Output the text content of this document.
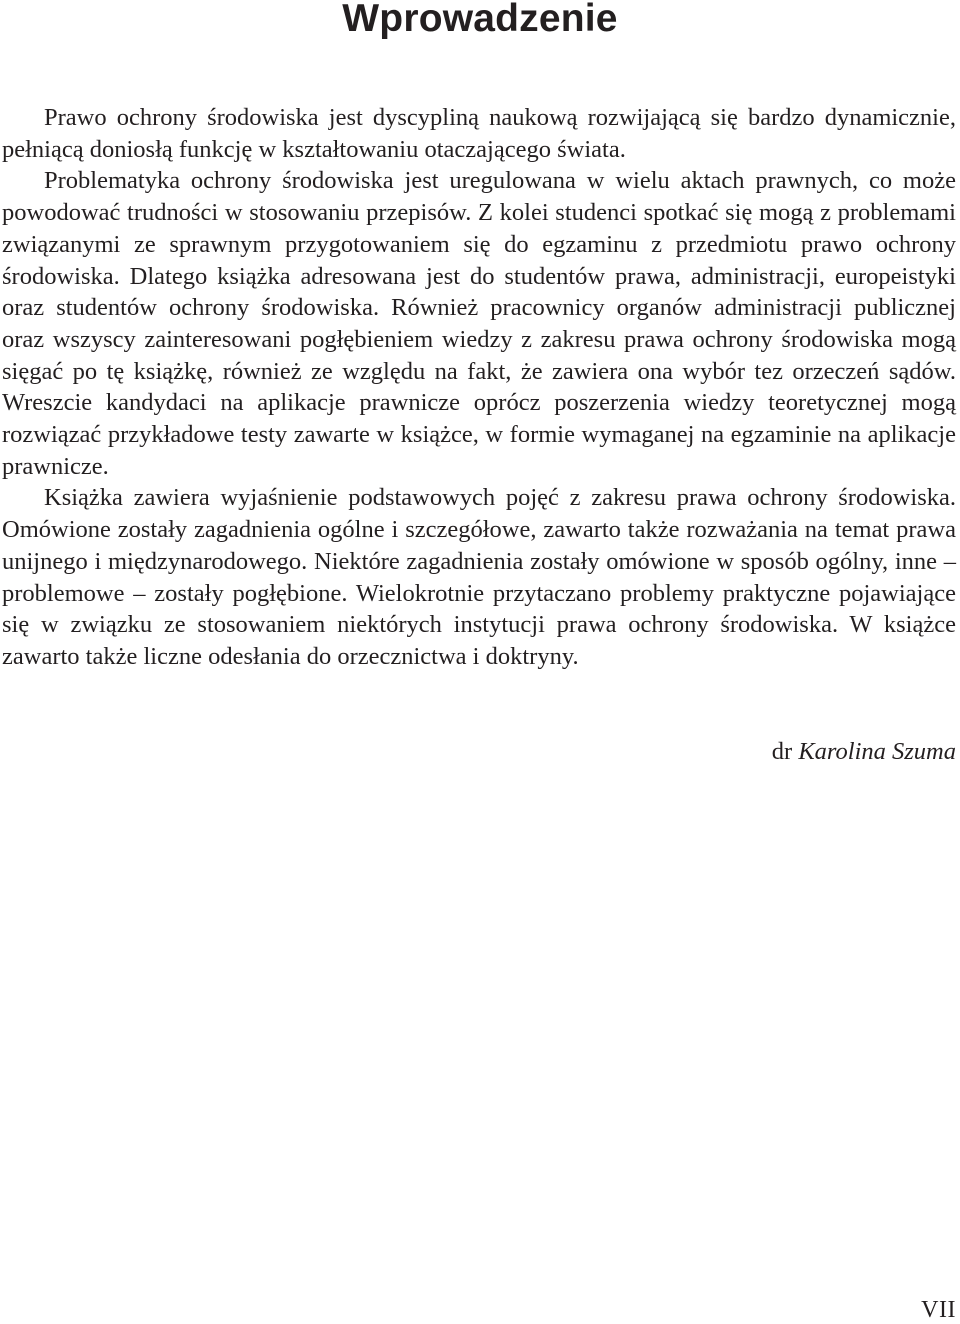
Wprowadzenie

Prawo ochrony środowiska jest dyscypliną naukową rozwijającą się bardzo dynamicznie, pełniącą doniosłą funkcję w kształtowaniu otaczającego świata.

Problematyka ochrony środowiska jest uregulowana w wielu aktach prawnych, co może powodować trudności w stosowaniu przepisów. Z kolei studenci spotkać się mogą z problemami związanymi ze sprawnym przygotowaniem się do egzaminu z przedmiotu prawo ochrony środowiska. Dlatego książka adresowana jest do studentów prawa, administracji, europeistyki oraz studentów ochrony środowiska. Również pracownicy organów administracji publicznej oraz wszyscy zainteresowani pogłębieniem wiedzy z zakresu prawa ochrony środowiska mogą sięgać po tę książkę, również ze względu na fakt, że zawiera ona wybór tez orzeczeń sądów. Wreszcie kandydaci na aplikacje prawnicze oprócz poszerzenia wiedzy teoretycznej mogą rozwiązać przykładowe testy zawarte w książce, w formie wymaganej na egzaminie na aplikacje prawnicze.

Książka zawiera wyjaśnienie podstawowych pojęć z zakresu prawa ochrony środowiska. Omówione zostały zagadnienia ogólne i szczegółowe, zawarto także rozważania na temat prawa unijnego i międzynarodowego. Niektóre zagadnienia zostały omówione w sposób ogólny, inne – problemowe – zostały pogłębione. Wielokrotnie przytaczano problemy praktyczne pojawiające się w związku ze stosowaniem niektórych instytucji prawa ochrony środowiska. W książce zawarto także liczne odesłania do orzecznictwa i doktryny.

dr Karolina Szuma
VII
